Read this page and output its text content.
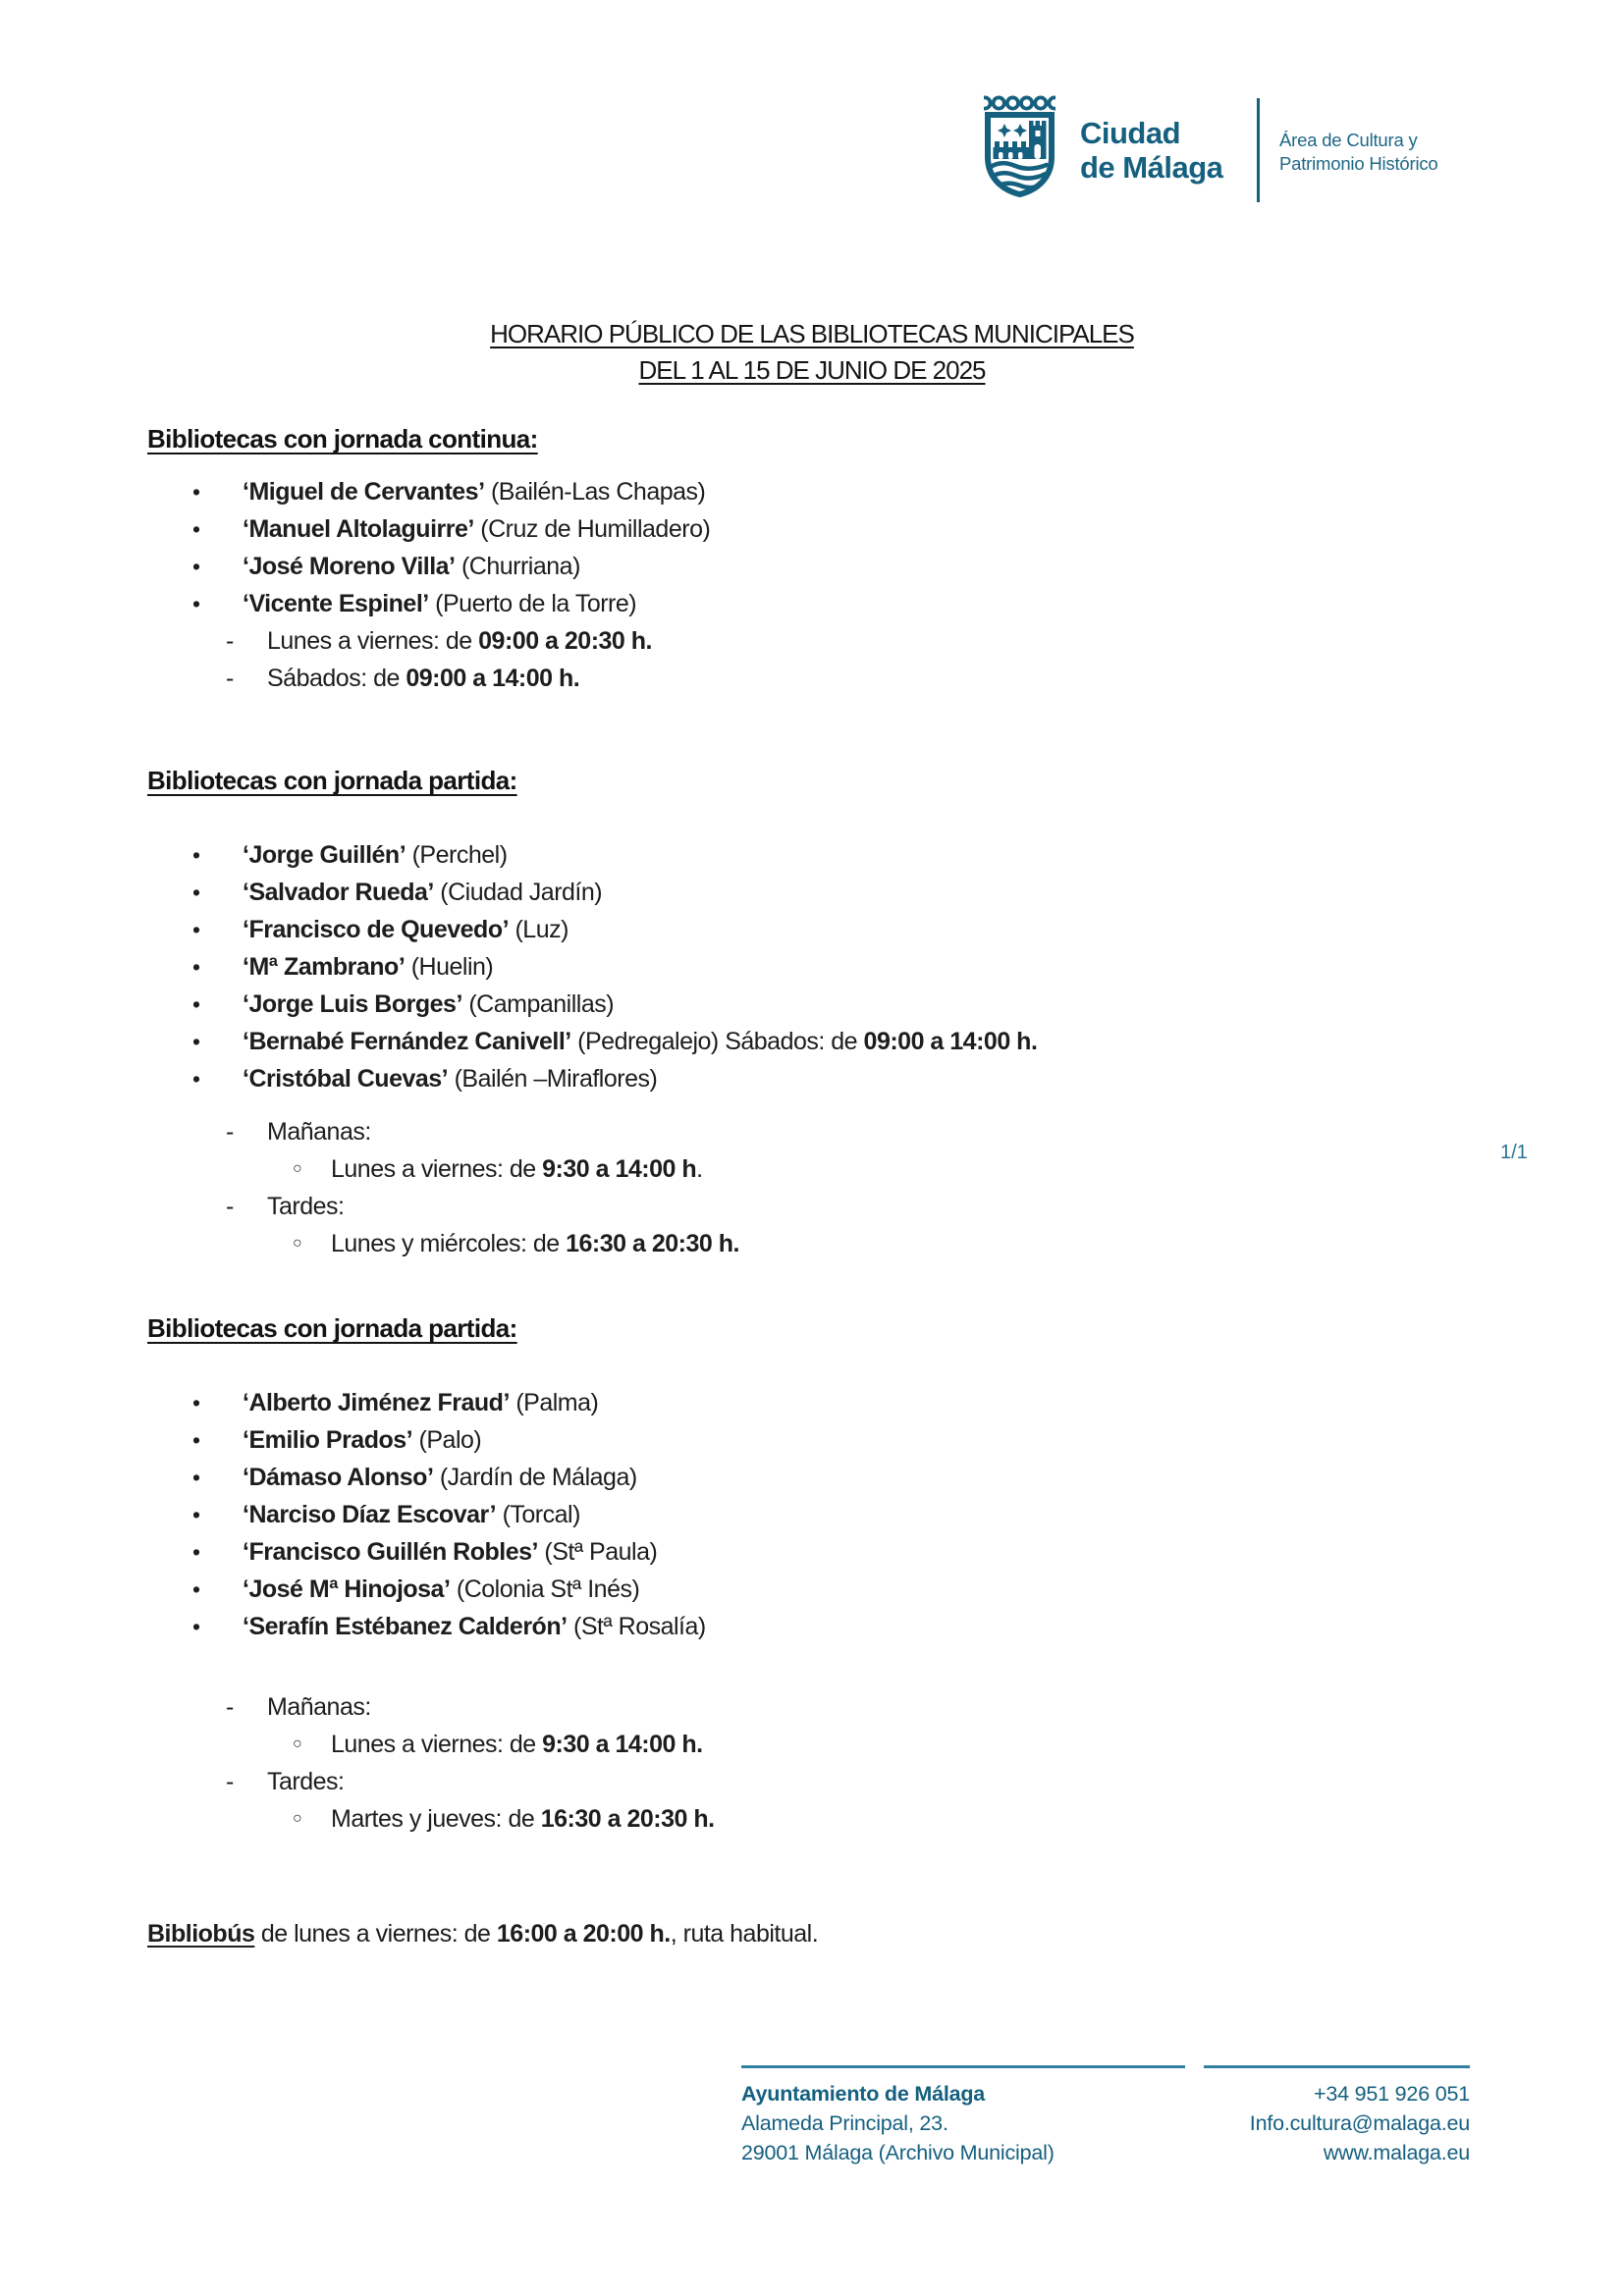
Ciudad
de Málaga
Área de Cultura y
Patrimonio Histórico
HORARIO PÚBLICO DE LAS BIBLIOTECAS MUNICIPALES
DEL 1 AL 15 DE JUNIO DE 2025
Bibliotecas con jornada continua:
•	‘Miguel de Cervantes’ (Bailén-Las Chapas)
•	‘Manuel Altolaguirre’ (Cruz de Humilladero)
•	‘José Moreno Villa’ (Churriana)
•	‘Vicente Espinel’ (Puerto de la Torre)
-	Lunes a viernes: de 09:00 a 20:30 h.
-	Sábados: de 09:00 a 14:00 h.
Bibliotecas con jornada partida:
•	‘Jorge Guillén’ (Perchel)
•	‘Salvador Rueda’ (Ciudad Jardín)
•	‘Francisco de Quevedo’ (Luz)
•	‘Mª Zambrano’ (Huelin)
•	‘Jorge Luis Borges’ (Campanillas)
•	‘Bernabé Fernández Canivell’ (Pedregalejo) Sábados: de 09:00 a 14:00 h.
•	‘Cristóbal Cuevas’ (Bailén –Miraflores)
-	Mañanas:
○	Lunes a viernes: de 9:30 a 14:00 h.
-	Tardes:
○	Lunes y miércoles: de 16:30 a 20:30 h.
Bibliotecas con jornada partida:
•	‘Alberto Jiménez Fraud’ (Palma)
•	‘Emilio Prados’ (Palo)
•	‘Dámaso Alonso’ (Jardín de Málaga)
•	‘Narciso Díaz Escovar’ (Torcal)
•	‘Francisco Guillén Robles’ (Stª Paula)
•	‘José Mª Hinojosa’ (Colonia Stª Inés)
•	‘Serafín Estébanez Calderón’ (Stª Rosalía)
-	Mañanas:
○	Lunes a viernes: de 9:30 a 14:00 h.
-	Tardes:
○	Martes y jueves: de 16:30 a 20:30 h.
1/1
Bibliobús de lunes a viernes: de 16:00 a 20:00 h., ruta habitual.
Ayuntamiento de Málaga
Alameda Principal, 23.
29001 Málaga (Archivo Municipal)
+34 951 926 051
Info.cultura@malaga.eu
www.malaga.eu
